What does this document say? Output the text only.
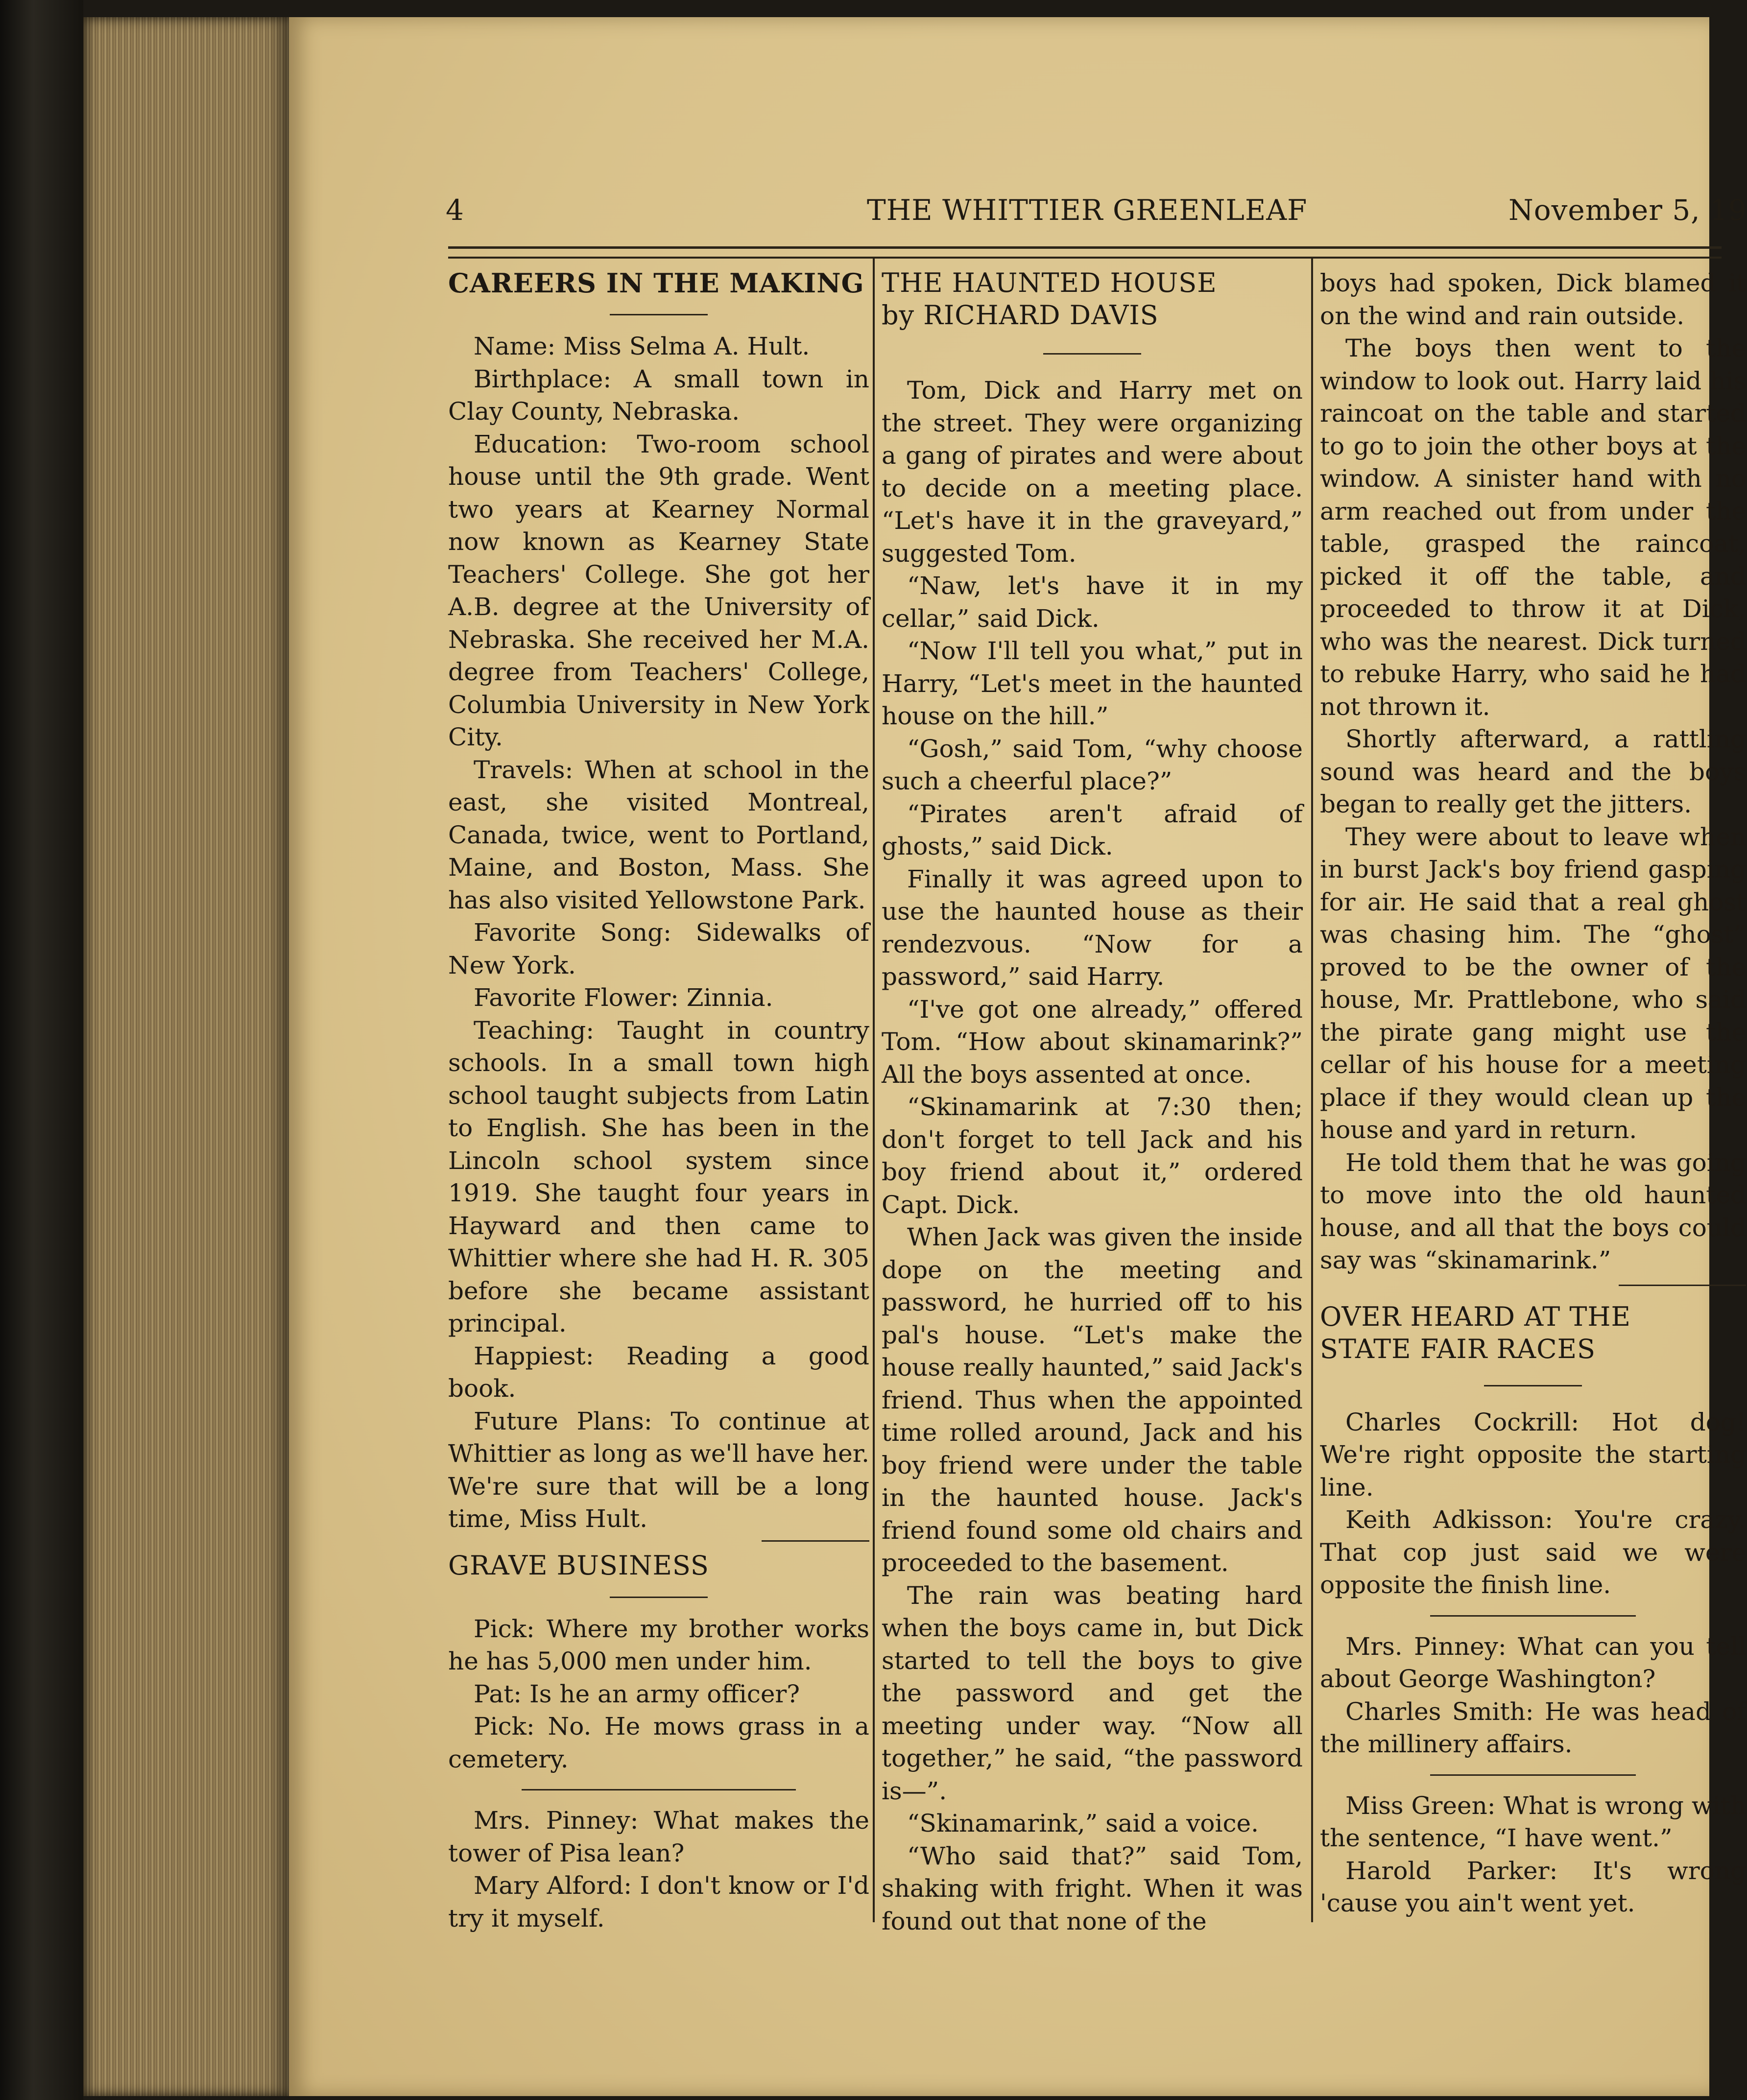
4	THE WHITTIER GREENLEAF	November 5, 19

CAREERS IN THE MAKING

Name: Miss Selma A. Hult.

Birthplace: A small town in Clay County, Nebraska.

Education: Two-room school house until the 9th grade. Went two years at Kearney Normal now known as Kearney State Teachers' College. She got her A.B. degree at the University of Nebraska. She received her M.A. degree from Teachers' College, Columbia University in New York City.

Travels: When at school in the east, she visited Montreal, Canada, twice, went to Portland, Maine, and Boston, Mass. She has also visited Yellowstone Park.

Favorite Song: Sidewalks of New York.

Favorite Flower: Zinnia.

Teaching: Taught in country schools. In a small town high school taught subjects from Latin to English. She has been in the Lincoln school system since 1919. She taught four years in Hayward and then came to Whittier where she had H. R. 305 before she became assistant principal.

Happiest: Reading a good book.

Future Plans: To continue at Whittier as long as we'll have her. We're sure that will be a long time, Miss Hult.

GRAVE BUSINESS

Pick: Where my brother works he has 5,000 men under him.

Pat: Is he an army officer?

Pick: No. He mows grass in a cemetery.

Mrs. Pinney: What makes the tower of Pisa lean?

Mary Alford: I don't know or I'd try it myself.

THE HAUNTED HOUSE

by RICHARD DAVIS

Tom, Dick and Harry met on the street. They were organizing a gang of pirates and were about to decide on a meeting place. “Let's have it in the graveyard,” suggested Tom.

“Naw, let's have it in my cellar,” said Dick.

“Now I'll tell you what,” put in Harry, “Let's meet in the haunted house on the hill.”

“Gosh,” said Tom, “why choose such a cheerful place?”

“Pirates aren't afraid of ghosts,” said Dick.

Finally it was agreed upon to use the haunted house as their rendezvous. “Now for a password,” said Harry.

“I've got one already,” offered Tom. “How about skinamarink?” All the boys assented at once.

“Skinamarink at 7:30 then; don't forget to tell Jack and his boy friend about it,” ordered Capt. Dick.

When Jack was given the inside dope on the meeting and password, he hurried off to his pal's house. “Let's make the house really haunted,” said Jack's friend. Thus when the appointed time rolled around, Jack and his boy friend were under the table in the haunted house. Jack's friend found some old chairs and proceeded to the basement.

The rain was beating hard when the boys came in, but Dick started to tell the boys to give the password and get the meeting under way. “Now all together,” he said, “the password is—”.

“Skinamarink,” said a voice.

“Who said that?” said Tom, shaking with fright. When it was found out that none of the

boys had spoken, Dick blamed it on the wind and rain outside.

The boys then went to the window to look out. Harry laid his raincoat on the table and started to go to join the other boys at the window. A sinister hand with no arm reached out from under the table, grasped the raincoat, picked it off the table, and proceeded to throw it at Dick, who was the nearest. Dick turned to rebuke Harry, who said he had not thrown it.

Shortly afterward, a rattling sound was heard and the boys began to really get the jitters.

They were about to leave when in burst Jack's boy friend gasping for air. He said that a real ghost was chasing him. The “ghost” proved to be the owner of the house, Mr. Prattlebone, who said the pirate gang might use the cellar of his house for a meeting place if they would clean up the house and yard in return.

He told them that he was going to move into the old haunted house, and all that the boys could say was “skinamarink.”

OVER HEARD AT THE

STATE FAIR RACES

Charles Cockrill: Hot dog! We're right opposite the starting line.

Keith Adkisson: You're crazy. That cop just said we were opposite the finish line.

Mrs. Pinney: What can you tell about George Washington?

Charles Smith: He was head of the millinery affairs.

Miss Green: What is wrong with the sentence, “I have went.”

Harold Parker: It's wrong 'cause you ain't went yet.
